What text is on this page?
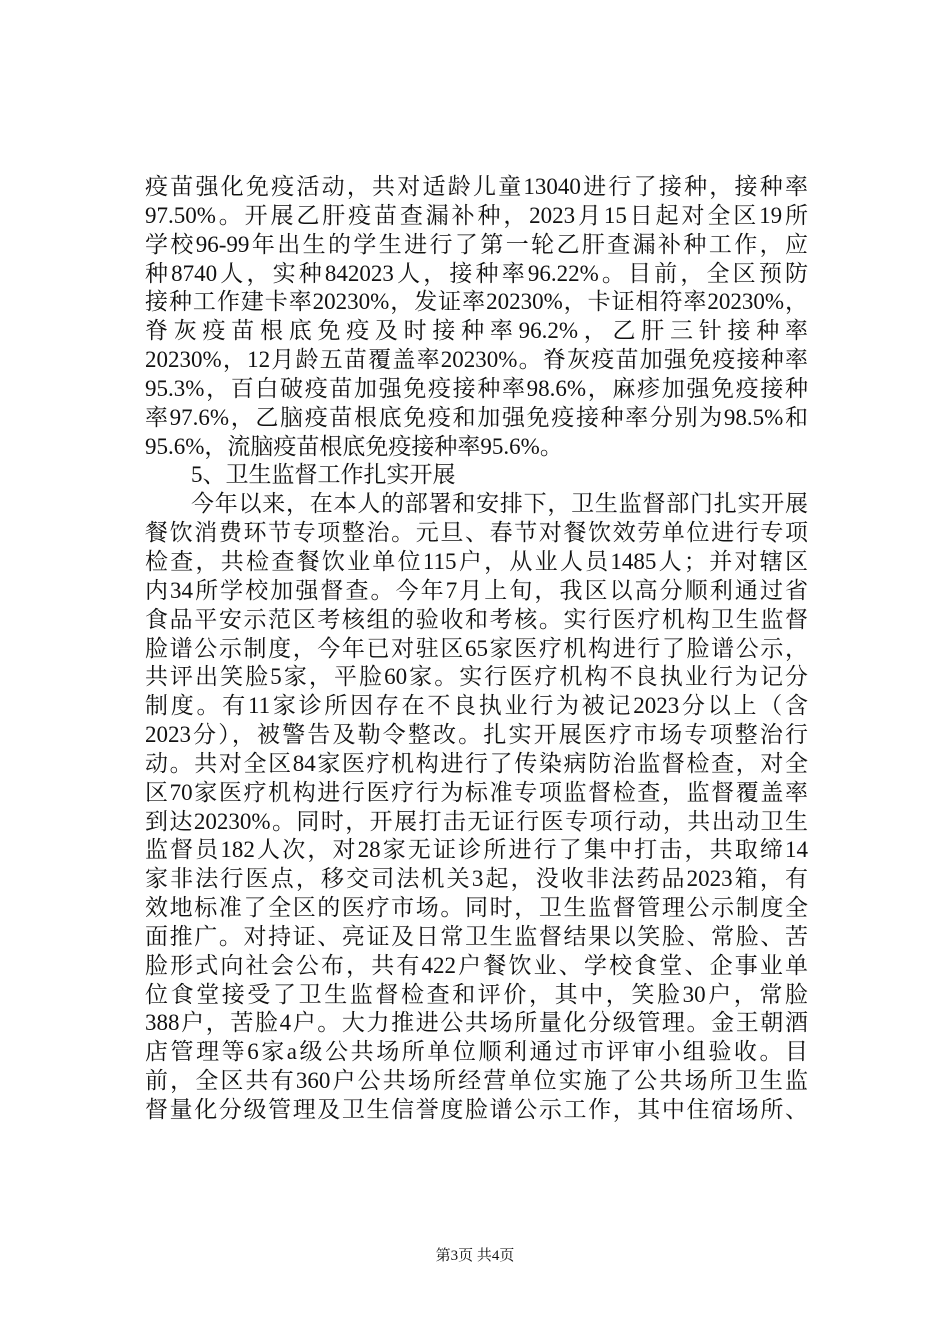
疫苗强化免疫活动，共对适龄儿童13040进行了接种，接种率
97.50%。开展乙肝疫苗查漏补种，2023月15日起对全区19所
学校96-99年出生的学生进行了第一轮乙肝查漏补种工作，应
种8740人，实种842023人，接种率96.22%。目前，全区预防
接种工作建卡率20230%，发证率20230%，卡证相符率20230%，
脊灰疫苗根底免疫及时接种率96.2%，乙肝三针接种率
20230%，12月龄五苗覆盖率20230%。脊灰疫苗加强免疫接种率
95.3%，百白破疫苗加强免疫接种率98.6%，麻疹加强免疫接种
率97.6%，乙脑疫苗根底免疫和加强免疫接种率分别为98.5%和
95.6%，流脑疫苗根底免疫接种率95.6%。
5、卫生监督工作扎实开展
今年以来，在本人的部署和安排下，卫生监督部门扎实开展
餐饮消费环节专项整治。元旦、春节对餐饮效劳单位进行专项
检查，共检查餐饮业单位115户，从业人员1485人；并对辖区
内34所学校加强督查。今年7月上旬，我区以高分顺利通过省
食品平安示范区考核组的验收和考核。实行医疗机构卫生监督
脸谱公示制度，今年已对驻区65家医疗机构进行了脸谱公示，
共评出笑脸5家，平脸60家。实行医疗机构不良执业行为记分
制度。有11家诊所因存在不良执业行为被记2023分以上（含
2023分），被警告及勒令整改。扎实开展医疗市场专项整治行
动。共对全区84家医疗机构进行了传染病防治监督检查，对全
区70家医疗机构进行医疗行为标准专项监督检查，监督覆盖率
到达20230%。同时，开展打击无证行医专项行动，共出动卫生
监督员182人次，对28家无证诊所进行了集中打击，共取缔14
家非法行医点，移交司法机关3起，没收非法药品2023箱，有
效地标准了全区的医疗市场。同时，卫生监督管理公示制度全
面推广。对持证、亮证及日常卫生监督结果以笑脸、常脸、苦
脸形式向社会公布，共有422户餐饮业、学校食堂、企事业单
位食堂接受了卫生监督检查和评价，其中，笑脸30户，常脸
388户，苦脸4户。大力推进公共场所量化分级管理。金王朝酒
店管理等6家a级公共场所单位顺利通过市评审小组验收。目
前，全区共有360户公共场所经营单位实施了公共场所卫生监
督量化分级管理及卫生信誉度脸谱公示工作，其中住宿场所、
第3页 共4页
